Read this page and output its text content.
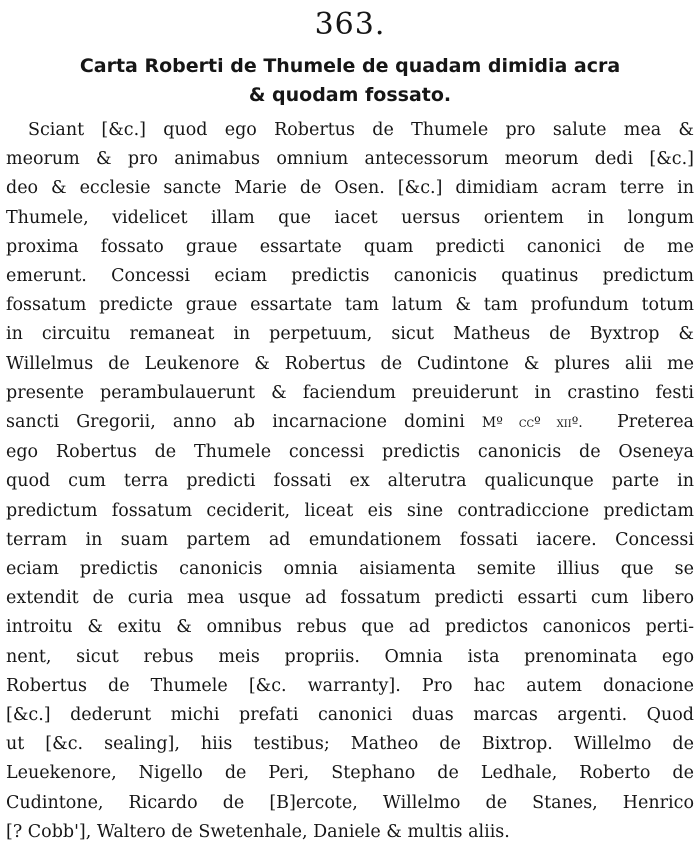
363.
Carta Roberti de Thumele de quadam dimidia acra
& quodam fossato.
Sciant [&c.] quod ego Robertus de Thumele pro salute mea &
meorum & pro animabus omnium antecessorum meorum dedi [&c.]
deo & ecclesie sancte Marie de Osen. [&c.] dimidiam acram terre in
Thumele, videlicet illam que iacet uersus orientem in longum
proxima fossato graue essartate quam predicti canonici de me
emerunt. Concessi eciam predictis canonicis quatinus predictum
fossatum predicte graue essartate tam latum & tam profundum totum
in circuitu remaneat in perpetuum, sicut Matheus de Byxtrop &
Willelmus de Leukenore & Robertus de Cudintone & plures alii me
presente perambulauerunt & faciendum preuiderunt in crastino festi
sancti Gregorii, anno ab incarnacione domini Mº ccº xiiº. Preterea
ego Robertus de Thumele concessi predictis canonicis de Oseneya
quod cum terra predicti fossati ex alterutra qualicunque parte in
predictum fossatum ceciderit, liceat eis sine contradiccione predictam
terram in suam partem ad emundationem fossati iacere. Concessi
eciam predictis canonicis omnia aisiamenta semite illius que se
extendit de curia mea usque ad fossatum predicti essarti cum libero
introitu & exitu & omnibus rebus que ad predictos canonicos perti-
nent, sicut rebus meis propriis. Omnia ista prenominata ego
Robertus de Thumele [&c. warranty]. Pro hac autem donacione
[&c.] dederunt michi prefati canonici duas marcas argenti. Quod
ut [&c. sealing], hiis testibus; Matheo de Bixtrop. Willelmo de
Leuekenore, Nigello de Peri, Stephano de Ledhale, Roberto de
Cudintone, Ricardo de [B]ercote, Willelmo de Stanes, Henrico
[? Cobb'], Waltero de Swetenhale, Daniele & multis aliis.
